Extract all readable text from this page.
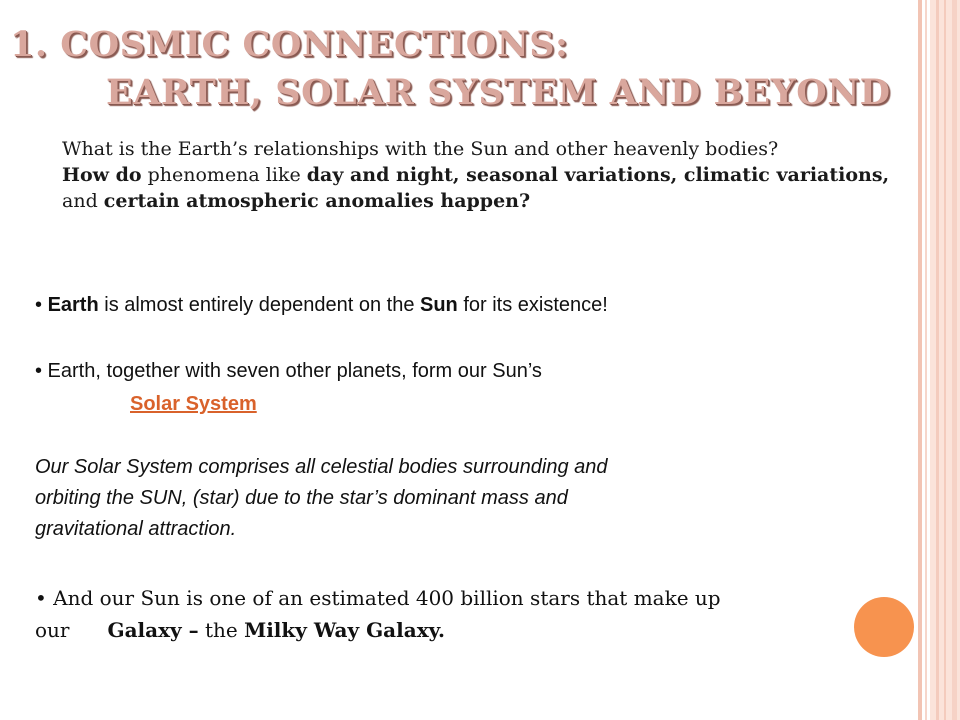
1. COSMIC CONNECTIONS:
EARTH, SOLAR SYSTEM AND BEYOND
What is the Earth’s relationships with the Sun and other heavenly bodies?
How do phenomena like day and night, seasonal variations, climatic variations, and certain atmospheric anomalies happen?
• Earth is almost entirely dependent on the Sun for its existence!
• Earth, together with seven other planets, form our Sun’s
Solar System
Our Solar System comprises all celestial bodies surrounding and
orbiting the SUN, (star) due to the star’s dominant mass and
gravitational attraction.
• And our Sun is one of an estimated 400 billion stars that make up
our Galaxy – the Milky Way Galaxy.
